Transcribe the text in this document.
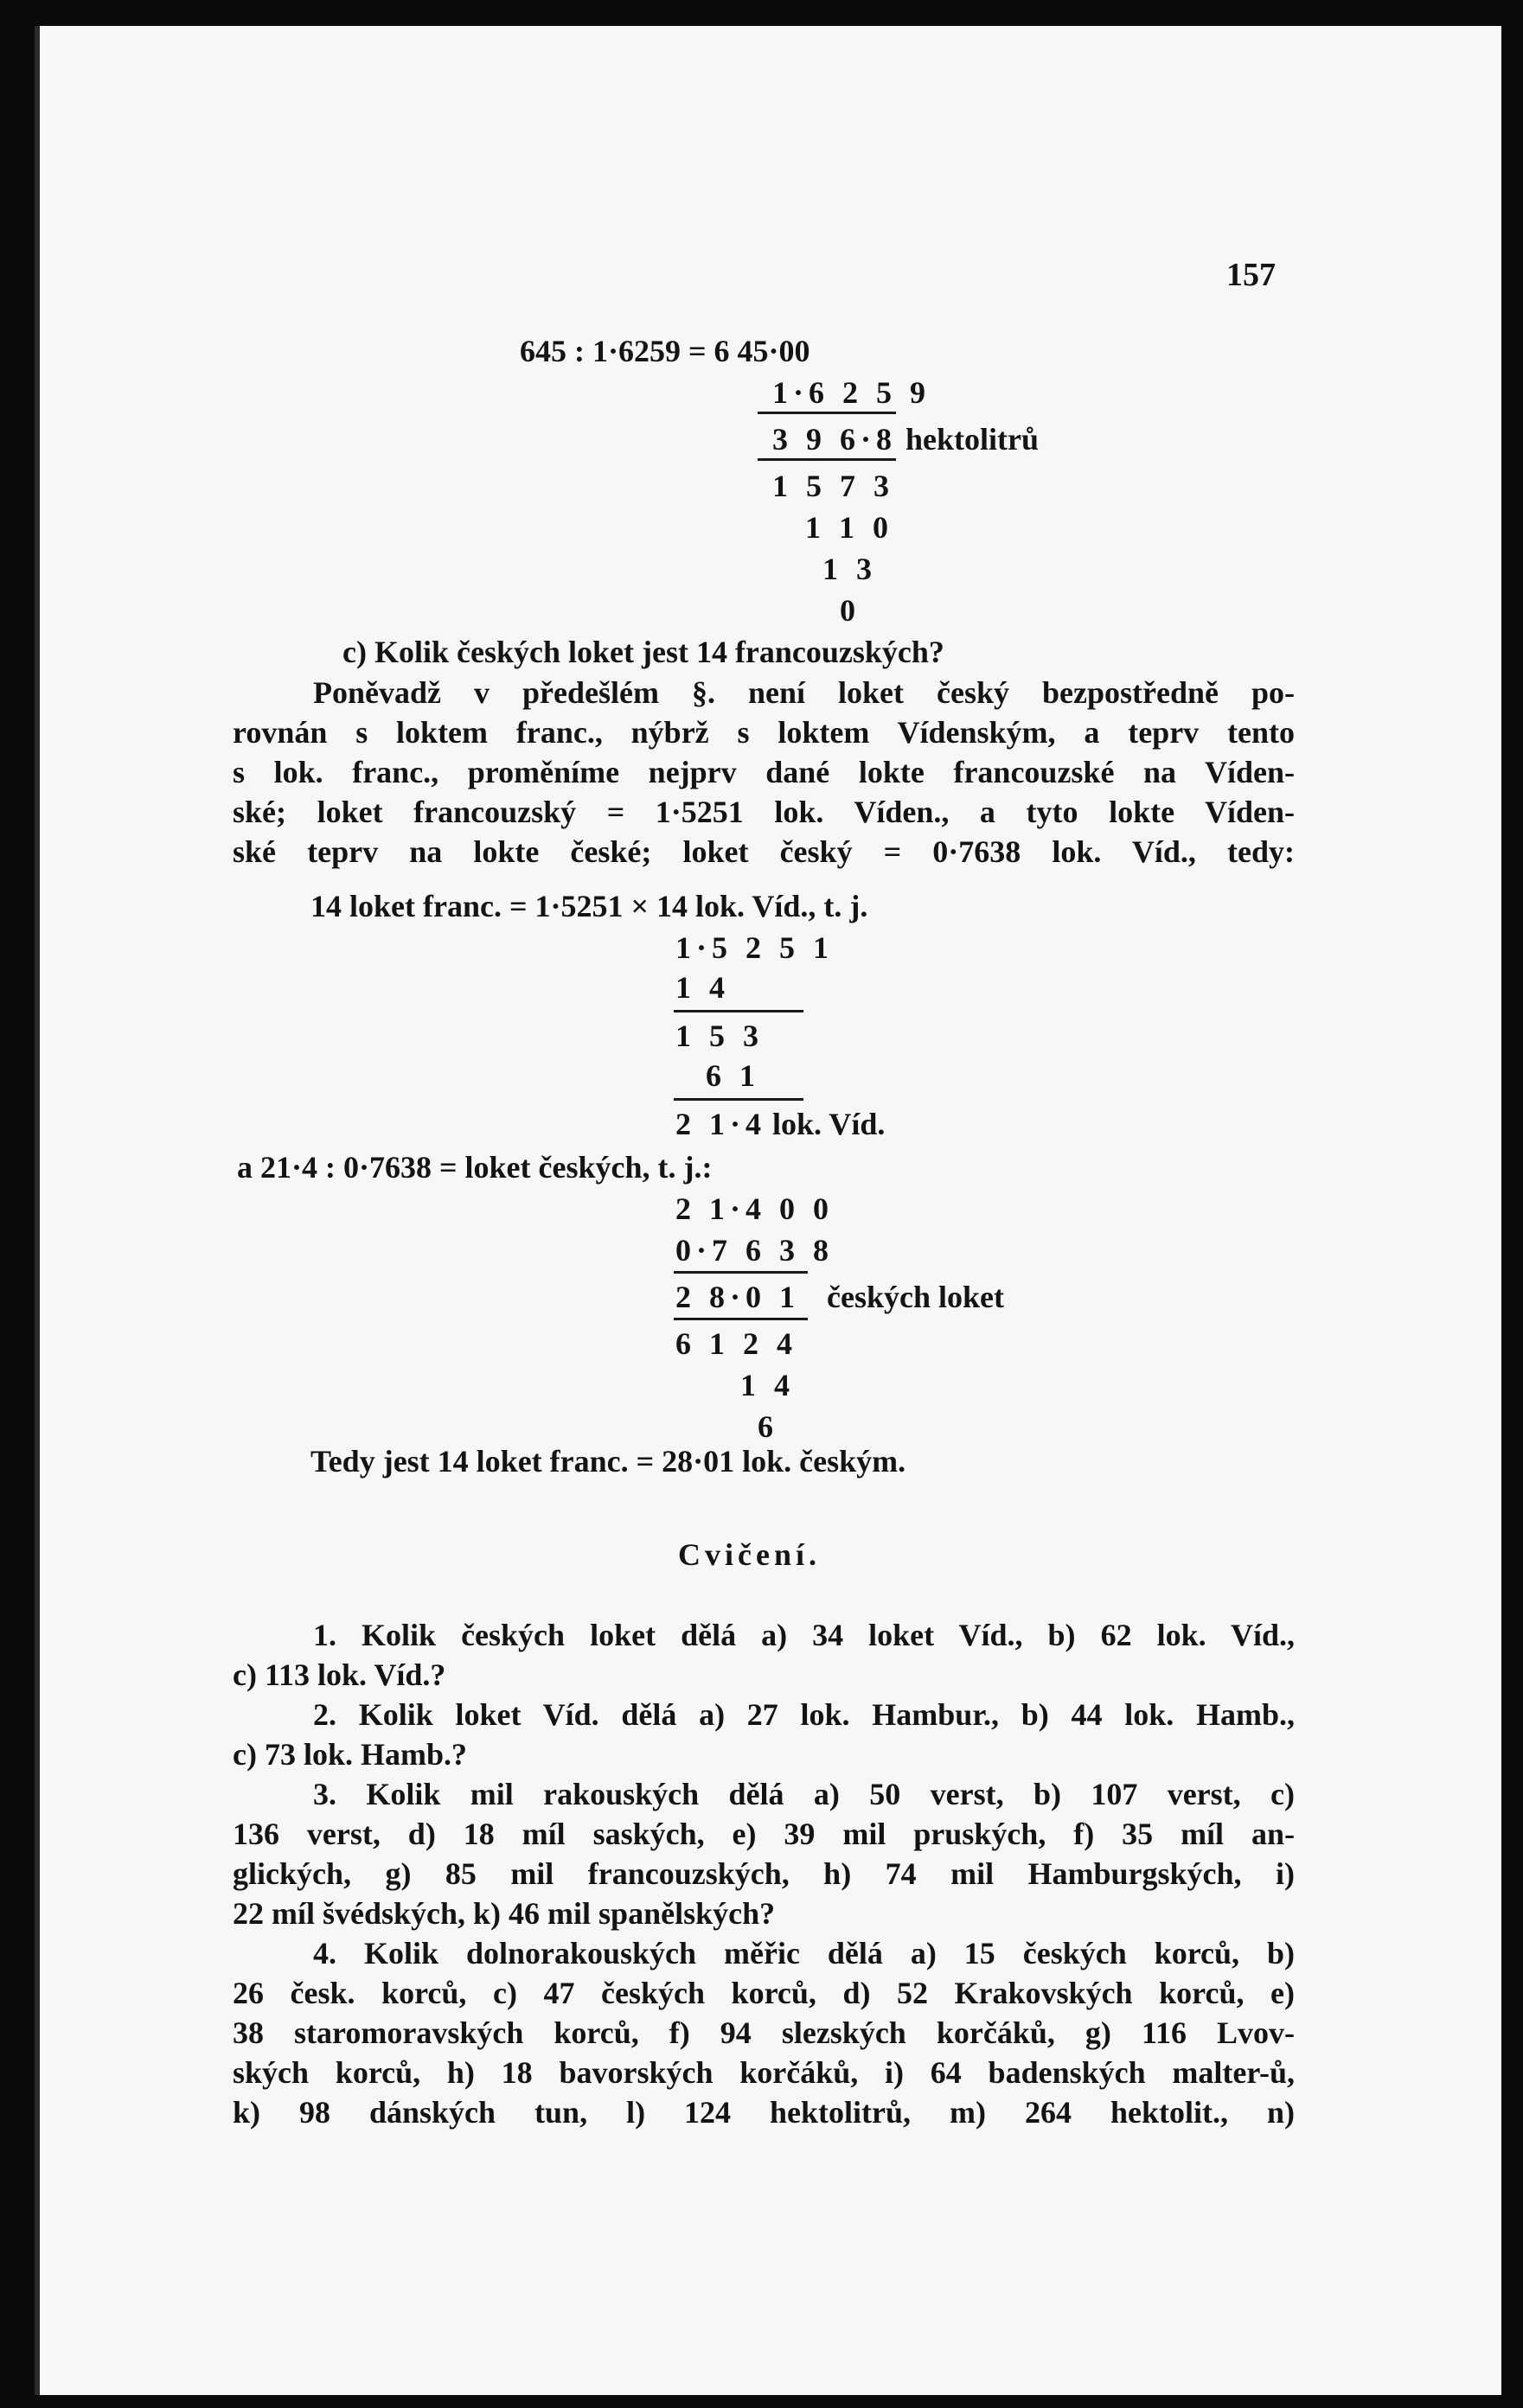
157
645 : 1·6259 = 6 45·00
1·6 2 5 9
3 9 6·8 hektolitrů
1 5 7 3
1 1 0
1 3
0
c) Kolik českých loket jest 14 francouzských?
Poněvadž v předešlém §. není loket český bezpostředně po-
rovnán s loktem franc., nýbrž s loktem Vídenským, a teprv tento
s lok. franc., proměníme nejprv dané lokte francouzské na Víden-
ské; loket francouzský = 1·5251 lok. Víden., a tyto lokte Víden-
ské teprv na lokte české; loket český = 0·7638 lok. Víd., tedy:
14 loket franc. = 1·5251 × 14 lok. Víd., t. j.
1·5 2 5 1
1 4
1 5 3
6 1
2 1·4 lok. Víd.
a 21·4 : 0·7638 = loket českých, t. j.:
2 1·4 0 0
0·7 6 3 8
2 8·0 1 českých loket
6 1 2 4
1 4
6
Tedy jest 14 loket franc. = 28·01 lok. českým.
Cvičení.
1. Kolik českých loket dělá a) 34 loket Víd., b) 62 lok. Víd.,
c) 113 lok. Víd.?
2. Kolik loket Víd. dělá a) 27 lok. Hambur., b) 44 lok. Hamb.,
c) 73 lok. Hamb.?
3. Kolik mil rakouských dělá a) 50 verst, b) 107 verst, c)
136 verst, d) 18 míl saských, e) 39 mil pruských, f) 35 míl an-
glických, g) 85 mil francouzských, h) 74 mil Hamburgských, i)
22 míl švédských, k) 46 mil spanělských?
4. Kolik dolnorakouských měřic dělá a) 15 českých korců, b)
26 česk. korců, c) 47 českých korců, d) 52 Krakovských korců, e)
38 staromoravských korců, f) 94 slezských korčáků, g) 116 Lvov-
ských korců, h) 18 bavorských korčáků, i) 64 badenských malter-ů,
k) 98 dánských tun, l) 124 hektolitrů, m) 264 hektolit., n)
